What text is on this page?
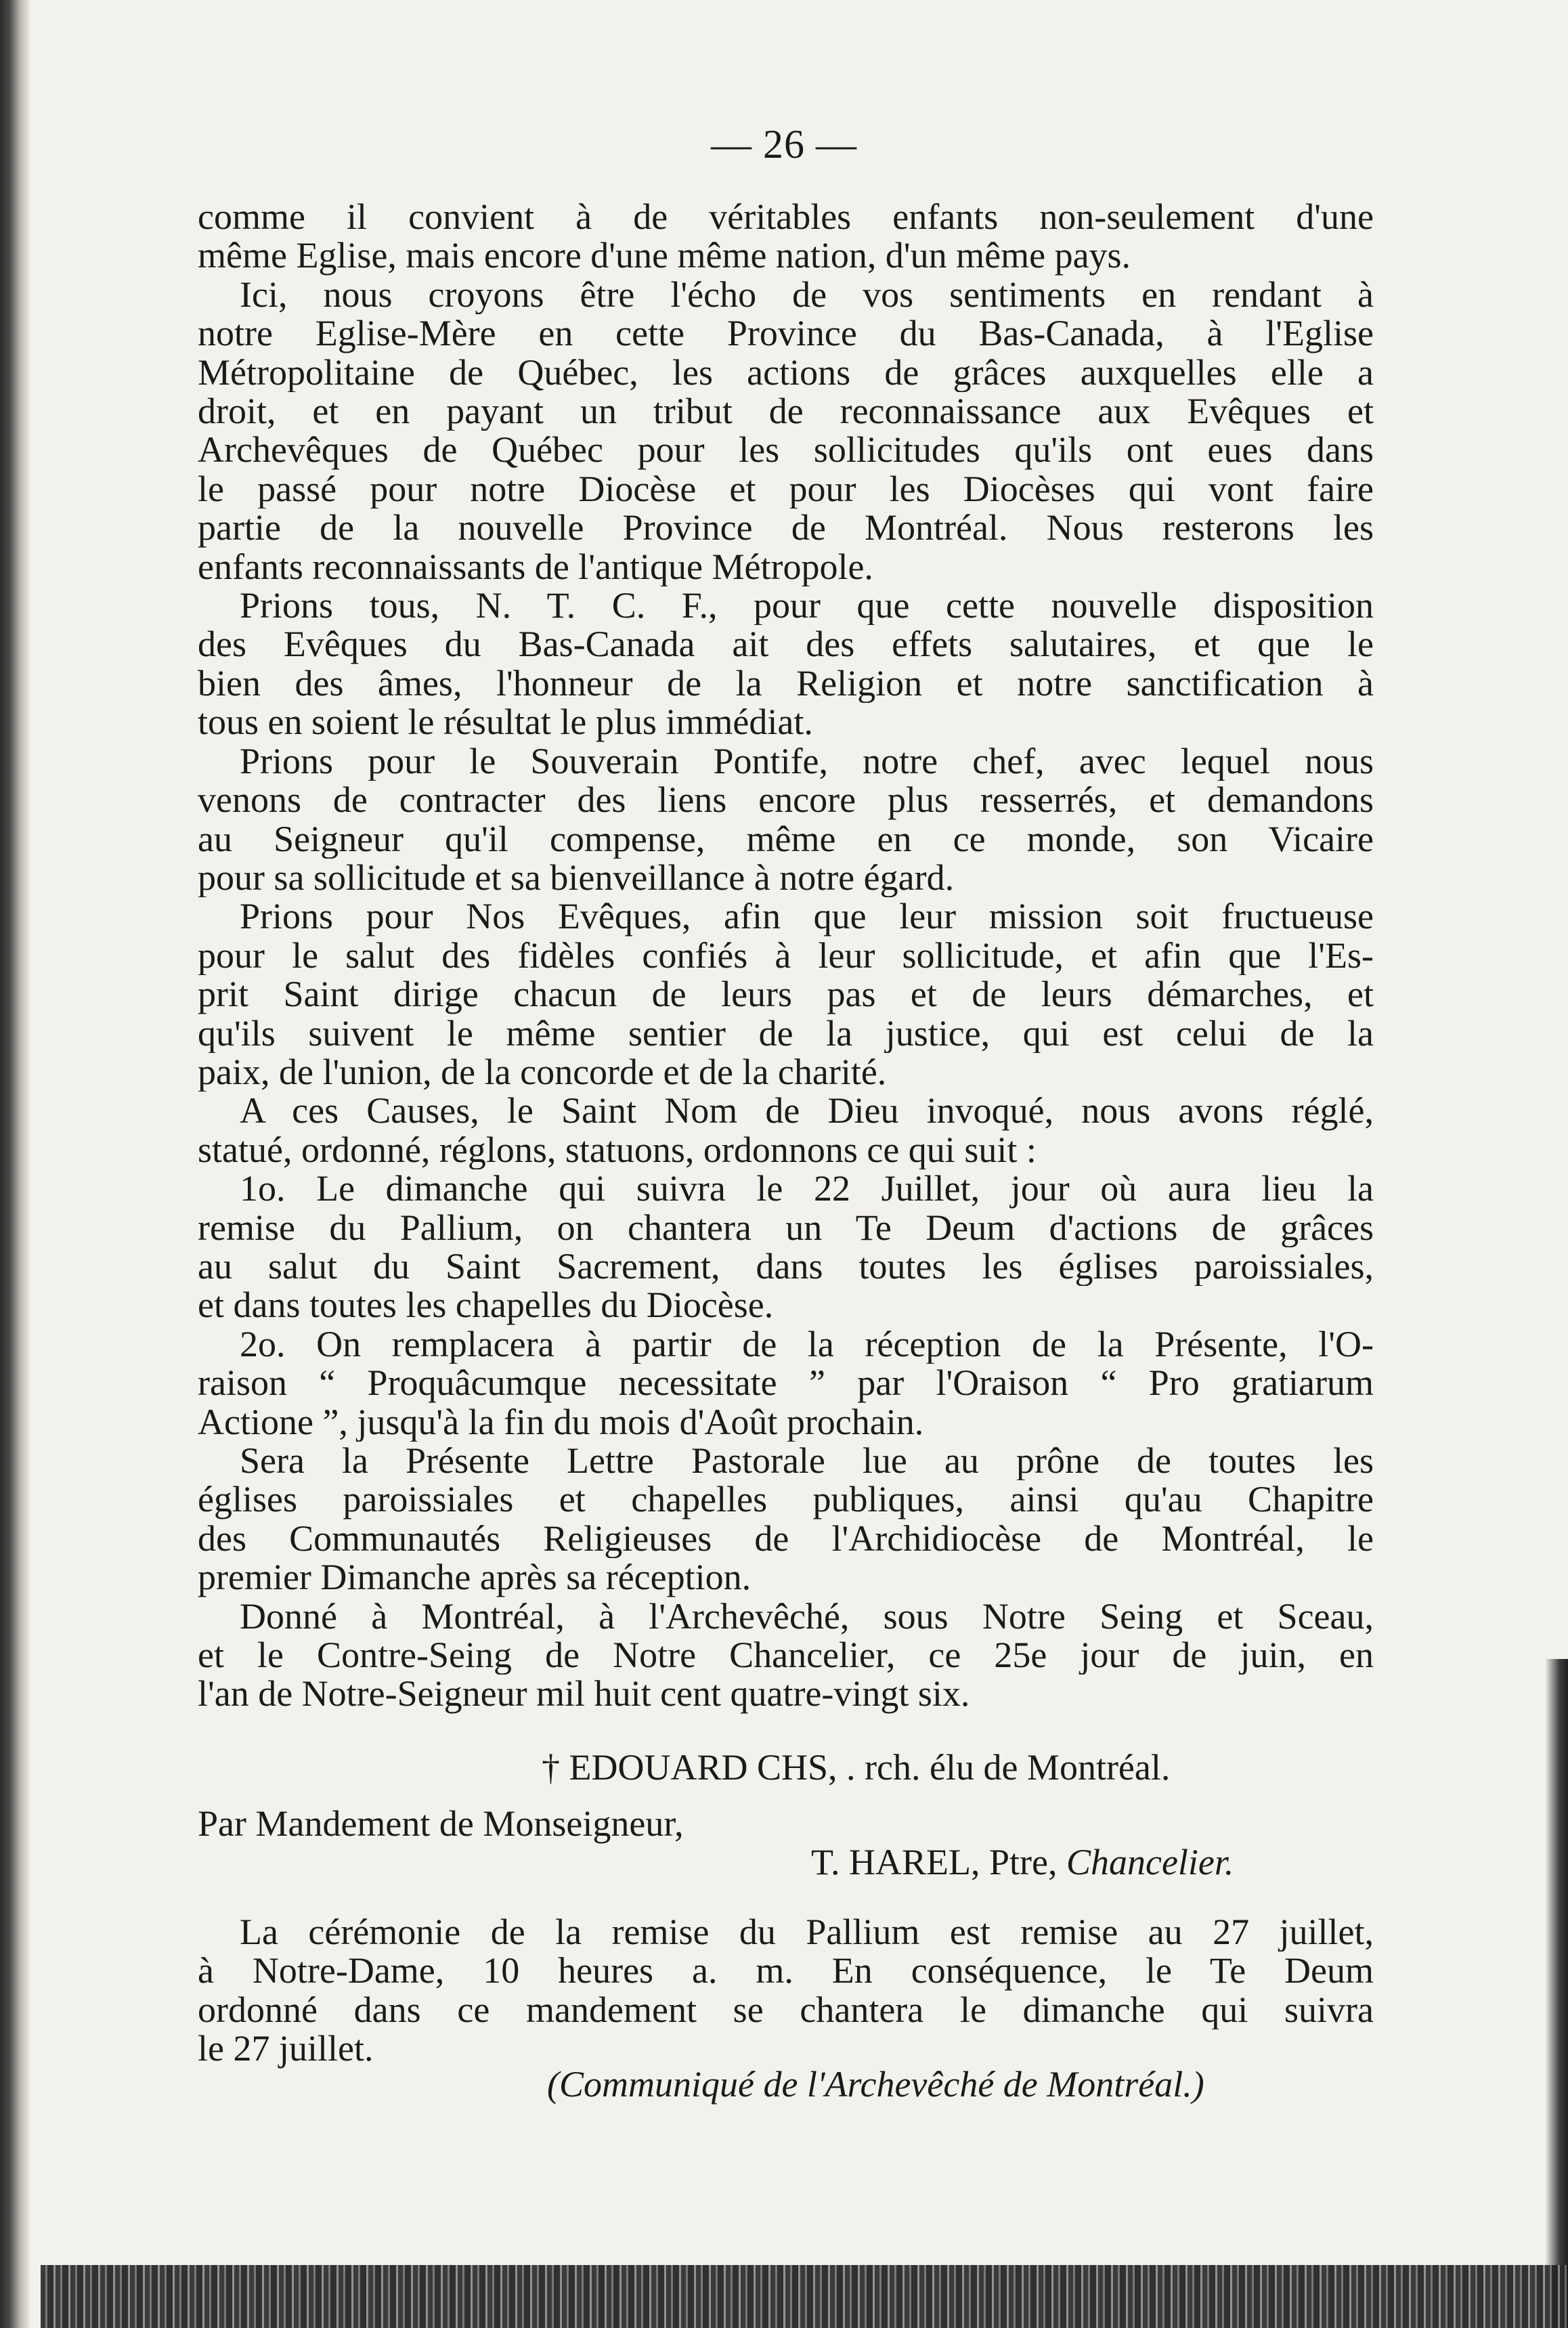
— 26 —
comme il convient à de véritables enfants non-seulement d'une
même Eglise, mais encore d'une même nation, d'un même pays.
Ici, nous croyons être l'écho de vos sentiments en rendant à
notre Eglise-Mère en cette Province du Bas-Canada, à l'Eglise
Métropolitaine de Québec, les actions de grâces auxquelles elle a
droit, et en payant un tribut de reconnaissance aux Evêques et
Archevêques de Québec pour les sollicitudes qu'ils ont eues dans
le passé pour notre Diocèse et pour les Diocèses qui vont faire
partie de la nouvelle Province de Montréal. Nous resterons les
enfants reconnaissants de l'antique Métropole.
Prions tous, N. T. C. F., pour que cette nouvelle disposition
des Evêques du Bas-Canada ait des effets salutaires, et que le
bien des âmes, l'honneur de la Religion et notre sanctification à
tous en soient le résultat le plus immédiat.
Prions pour le Souverain Pontife, notre chef, avec lequel nous
venons de contracter des liens encore plus resserrés, et demandons
au Seigneur qu'il compense, même en ce monde, son Vicaire
pour sa sollicitude et sa bienveillance à notre égard.
Prions pour Nos Evêques, afin que leur mission soit fructueuse
pour le salut des fidèles confiés à leur sollicitude, et afin que l'Es-
prit Saint dirige chacun de leurs pas et de leurs démarches, et
qu'ils suivent le même sentier de la justice, qui est celui de la
paix, de l'union, de la concorde et de la charité.
A ces Causes, le Saint Nom de Dieu invoqué, nous avons réglé,
statué, ordonné, réglons, statuons, ordonnons ce qui suit :
1o. Le dimanche qui suivra le 22 Juillet, jour où aura lieu la
remise du Pallium, on chantera un Te Deum d'actions de grâces
au salut du Saint Sacrement, dans toutes les églises paroissiales,
et dans toutes les chapelles du Diocèse.
2o. On remplacera à partir de la réception de la Présente, l'O-
raison “ Proquâcumque necessitate ” par l'Oraison “ Pro gratiarum
Actione ”, jusqu'à la fin du mois d'Août prochain.
Sera la Présente Lettre Pastorale lue au prône de toutes les
églises paroissiales et chapelles publiques, ainsi qu'au Chapitre
des Communautés Religieuses de l'Archidiocèse de Montréal, le
premier Dimanche après sa réception.
Donné à Montréal, à l'Archevêché, sous Notre Seing et Sceau,
et le Contre-Seing de Notre Chancelier, ce 25e jour de juin, en
l'an de Notre-Seigneur mil huit cent quatre-vingt six.
† EDOUARD CHS, . rch. élu de Montréal.
Par Mandement de Monseigneur,
T. HAREL, Ptre, Chancelier.
La cérémonie de la remise du Pallium est remise au 27 juillet,
à Notre-Dame, 10 heures a. m. En conséquence, le Te Deum
ordonné dans ce mandement se chantera le dimanche qui suivra
le 27 juillet.
(Communiqué de l'Archevêché de Montréal.)
